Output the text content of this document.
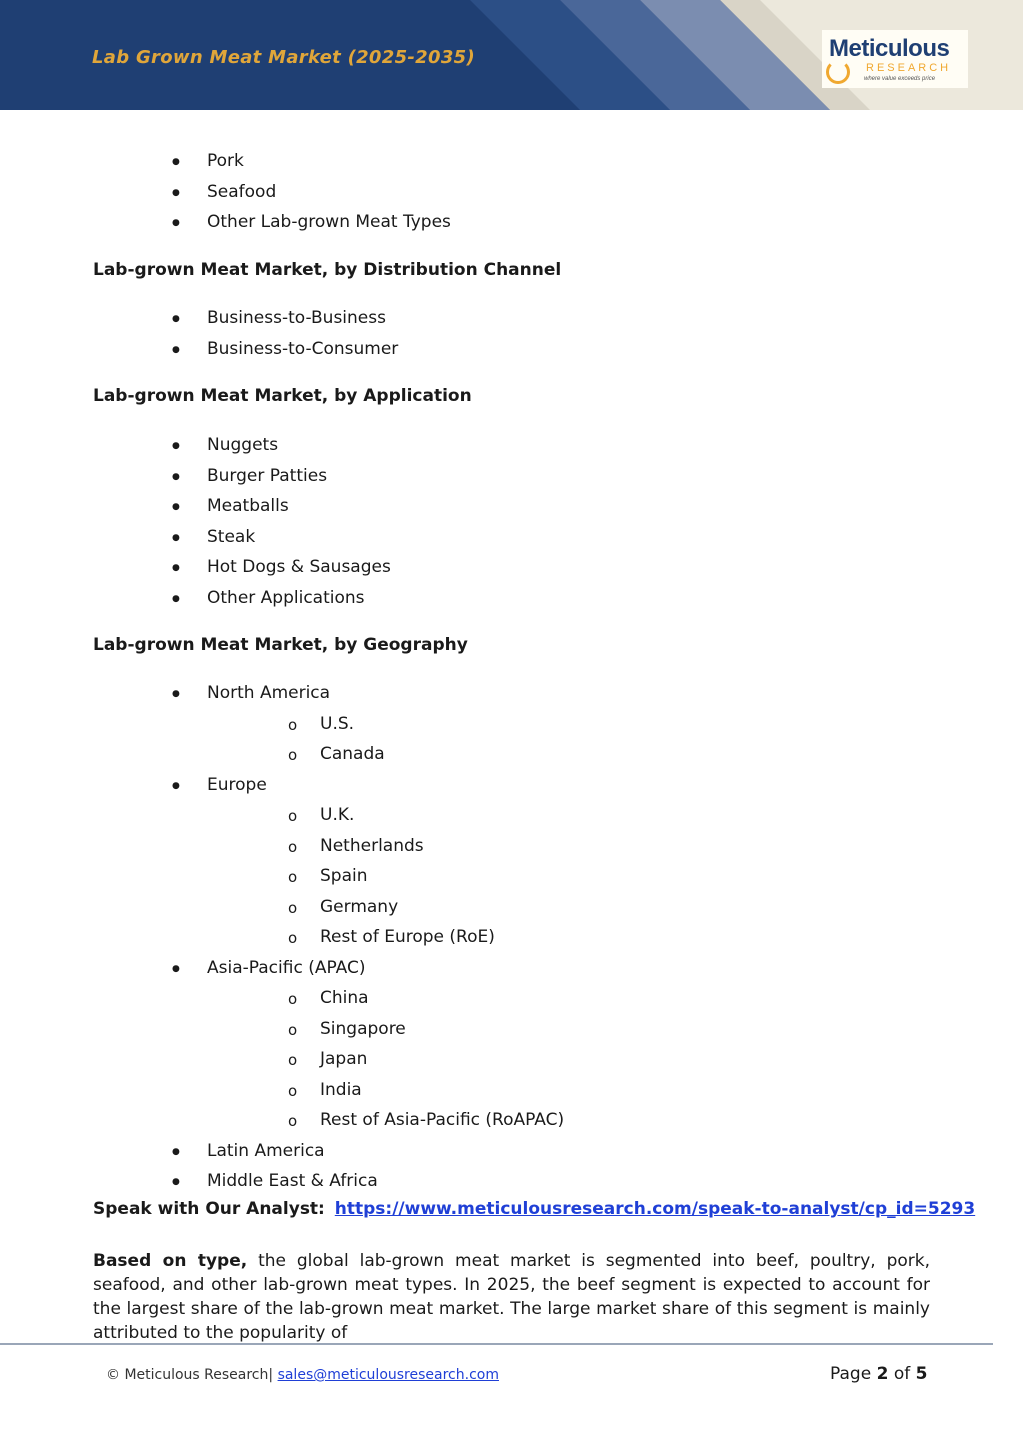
Lab Grown Meat Market (2025-2035)	Meticulous
RESEARCH
where value exceeds price
● Pork
● Seafood
● Other Lab-grown Meat Types
Lab-grown Meat Market, by Distribution Channel
● Business-to-Business
● Business-to-Consumer
Lab-grown Meat Market, by Application
● Nuggets
● Burger Patties
● Meatballs
● Steak
● Hot Dogs & Sausages
● Other Applications
Lab-grown Meat Market, by Geography
● North America
o U.S.
o Canada
● Europe
o U.K.
o Netherlands
o Spain
o Germany
o Rest of Europe (RoE)
● Asia-Pacific (APAC)
o China
o Singapore
o Japan
o India
o Rest of Asia-Pacific (RoAPAC)
● Latin America
● Middle East & Africa
Speak with Our Analyst: https://www.meticulousresearch.com/speak-to-analyst/cp_id=5293
Based on type, the global lab-grown meat market is segmented into beef, poultry, pork, seafood, and other lab-grown meat types. In 2025, the beef segment is expected to account for the largest share of the lab-grown meat market. The large market share of this segment is mainly attributed to the popularity of
© Meticulous Research| sales@meticulousresearch.com	Page 2 of 5
